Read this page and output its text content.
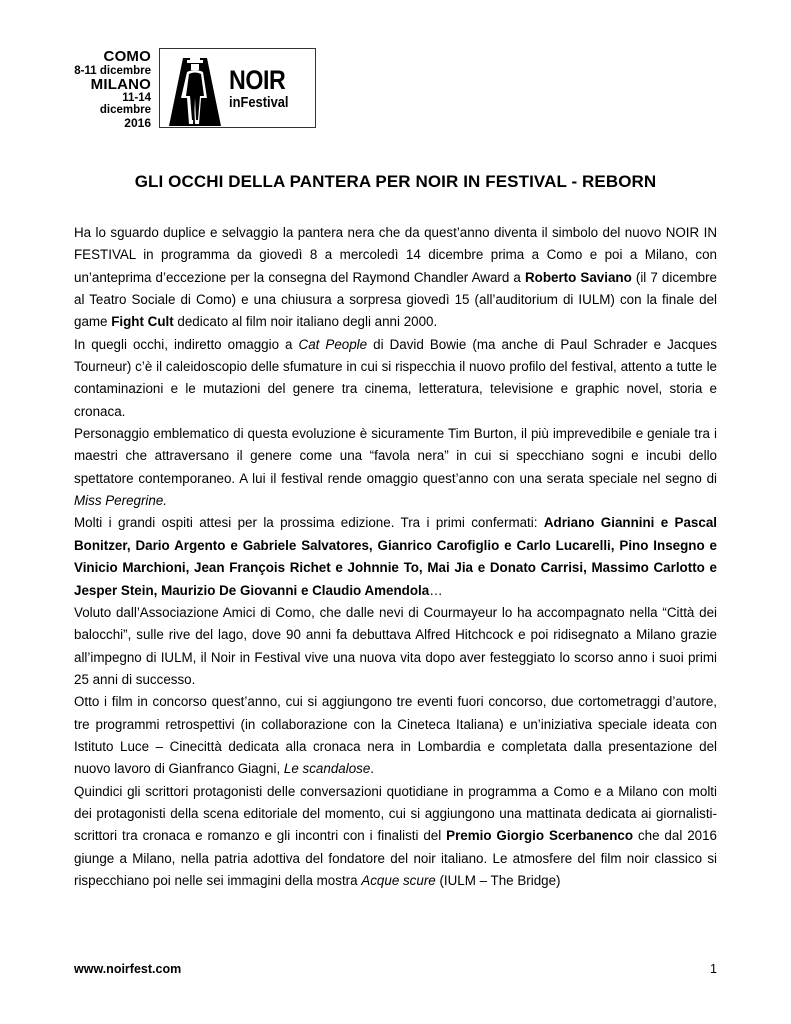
COMO
8-11 dicembre
MILANO
11-14 dicembre
2016
NOIR
inFestival
GLI OCCHI DELLA PANTERA PER NOIR IN FESTIVAL - REBORN

Ha lo sguardo duplice e selvaggio la pantera nera che da quest’anno diventa il simbolo del nuovo NOIR IN FESTIVAL in programma da giovedì 8 a mercoledì 14 dicembre prima a Como e poi a Milano, con un’anteprima d’eccezione per la consegna del Raymond Chandler Award a Roberto Saviano (il 7 dicembre al Teatro Sociale di Como) e una chiusura a sorpresa giovedì 15 (all’auditorium di IULM) con la finale del game Fight Cult dedicato al film noir italiano degli anni 2000.

In quegli occhi, indiretto omaggio a Cat People di David Bowie (ma anche di Paul Schrader e Jacques Tourneur) c’è il caleidoscopio delle sfumature in cui si rispecchia il nuovo profilo del festival, attento a tutte le contaminazioni e le mutazioni del genere tra cinema, letteratura, televisione e graphic novel, storia e cronaca.

Personaggio emblematico di questa evoluzione è sicuramente Tim Burton, il più imprevedibile e geniale tra i maestri che attraversano il genere come una “favola nera” in cui si specchiano sogni e incubi dello spettatore contemporaneo. A lui il festival rende omaggio quest’anno con una serata speciale nel segno di Miss Peregrine.

Molti i grandi ospiti attesi per la prossima edizione. Tra i primi confermati: Adriano Giannini e Pascal Bonitzer, Dario Argento e Gabriele Salvatores, Gianrico Carofiglio e Carlo Lucarelli, Pino Insegno e Vinicio Marchioni, Jean François Richet e Johnnie To, Mai Jia e Donato Carrisi, Massimo Carlotto e Jesper Stein, Maurizio De Giovanni e Claudio Amendola…

Voluto dall’Associazione Amici di Como, che dalle nevi di Courmayeur lo ha accompagnato nella “Città dei balocchi”, sulle rive del lago, dove 90 anni fa debuttava Alfred Hitchcock e poi ridisegnato a Milano grazie all’impegno di IULM, il Noir in Festival vive una nuova vita dopo aver festeggiato lo scorso anno i suoi primi 25 anni di successo.

Otto i film in concorso quest’anno, cui si aggiungono tre eventi fuori concorso, due cortometraggi d’autore, tre programmi retrospettivi (in collaborazione con la Cineteca Italiana) e un’iniziativa speciale ideata con Istituto Luce – Cinecittà dedicata alla cronaca nera in Lombardia e completata dalla presentazione del nuovo lavoro di Gianfranco Giagni, Le scandalose.

Quindici gli scrittori protagonisti delle conversazioni quotidiane in programma a Como e a Milano con molti dei protagonisti della scena editoriale del momento, cui si aggiungono una mattinata dedicata ai giornalisti-scrittori tra cronaca e romanzo e gli incontri con i finalisti del Premio Giorgio Scerbanenco che dal 2016 giunge a Milano, nella patria adottiva del fondatore del noir italiano. Le atmosfere del film noir classico si rispecchiano poi nelle sei immagini della mostra Acque scure (IULM – The Bridge)

www.noirfest.com	1
